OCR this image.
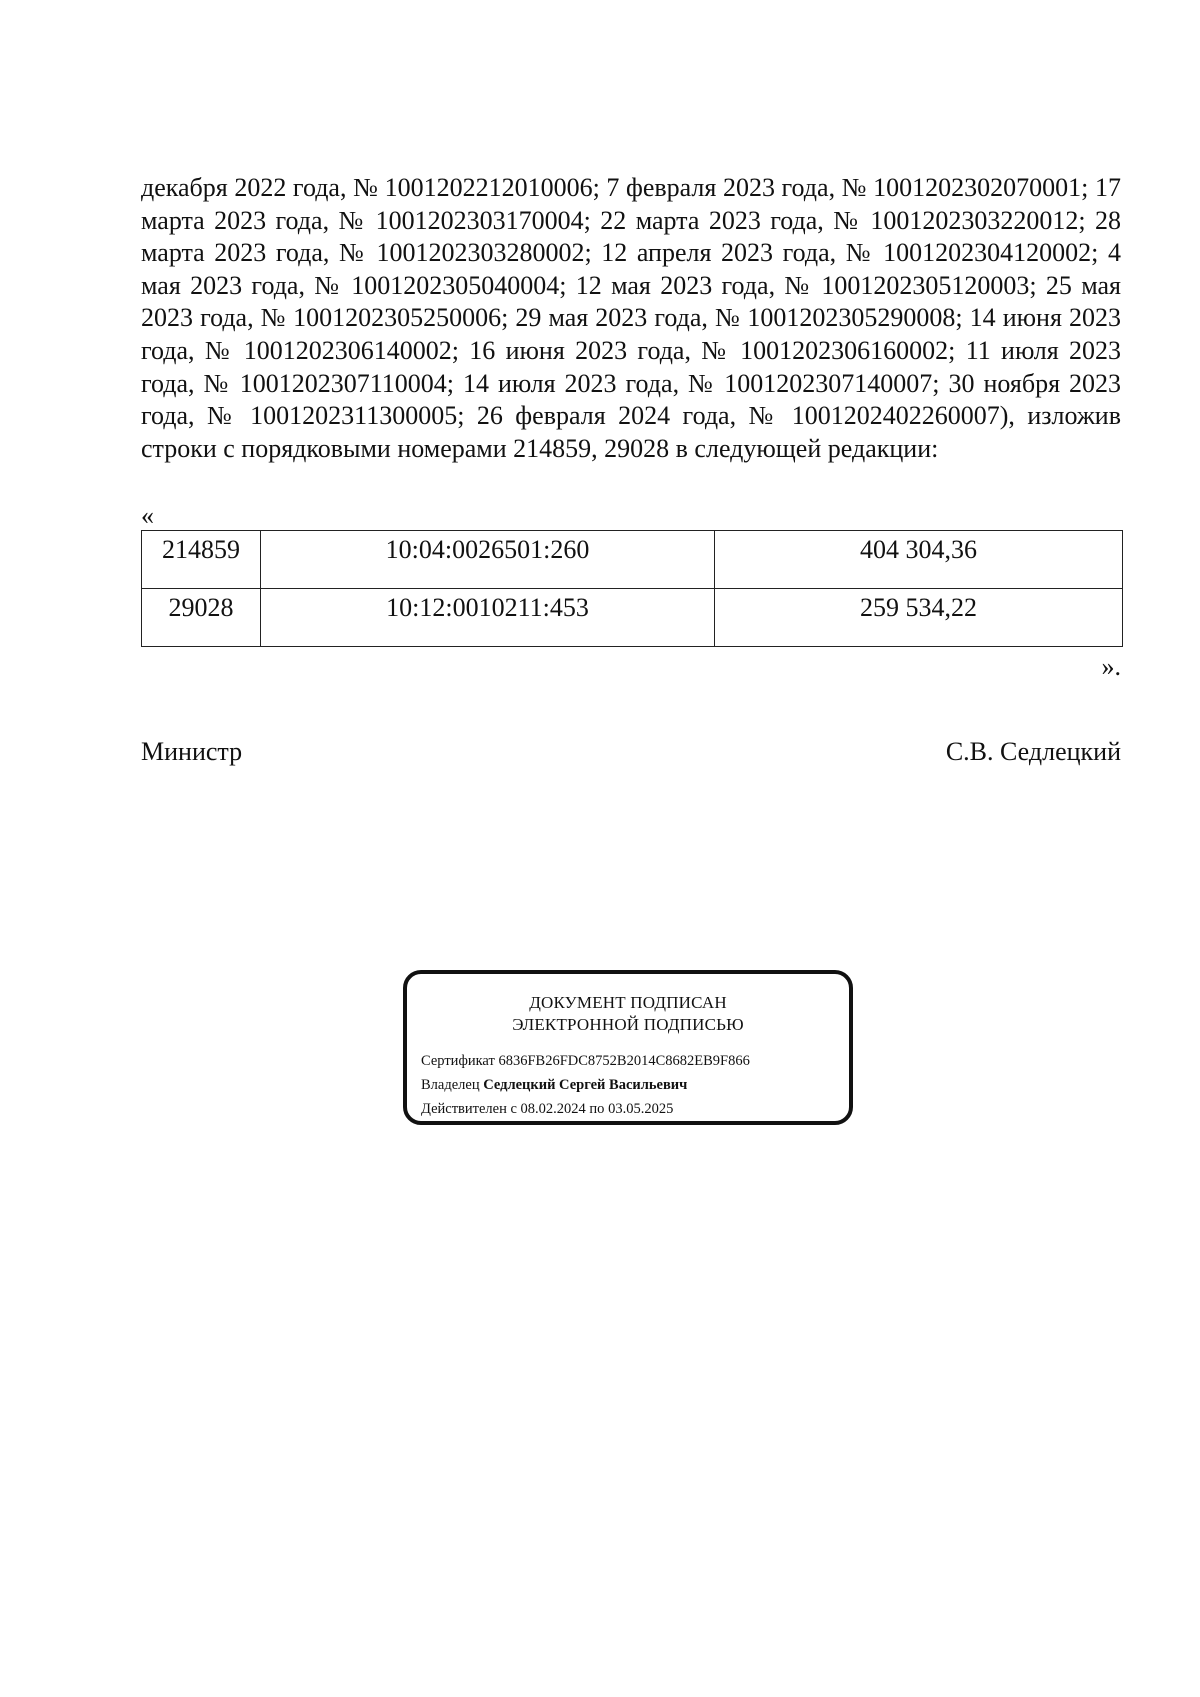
декабря 2022 года, № 1001202212010006; 7 февраля 2023 года, № 1001202302070001; 17 марта 2023 года, № 1001202303170004; 22 марта 2023 года, № 1001202303220012; 28 марта 2023 года, № 1001202303280002; 12 апреля 2023 года, № 1001202304120002; 4 мая 2023 года, № 1001202305040004; 12 мая 2023 года, № 1001202305120003; 25 мая 2023 года, № 1001202305250006; 29 мая 2023 года, № 1001202305290008; 14 июня 2023 года, № 1001202306140002; 16 июня 2023 года, № 1001202306160002; 11 июля 2023 года, № 1001202307110004; 14 июля 2023 года, № 1001202307140007; 30 ноября 2023 года, № 1001202311300005; 26 февраля 2024 года, № 1001202402260007), изложив строки с порядковыми номерами 214859, 29028 в следующей редакции:

«
214859	10:04:0026501:260	404 304,36
29028	10:12:0010211:453	259 534,22
».
Министр	С.В. Седлецкий
ДОКУМЕНТ ПОДПИСАН
ЭЛЕКТРОННОЙ ПОДПИСЬЮ
Сертификат 6836FB26FDC8752B2014C8682EB9F866
Владелец Седлецкий Сергей Васильевич
Действителен с 08.02.2024 по 03.05.2025
